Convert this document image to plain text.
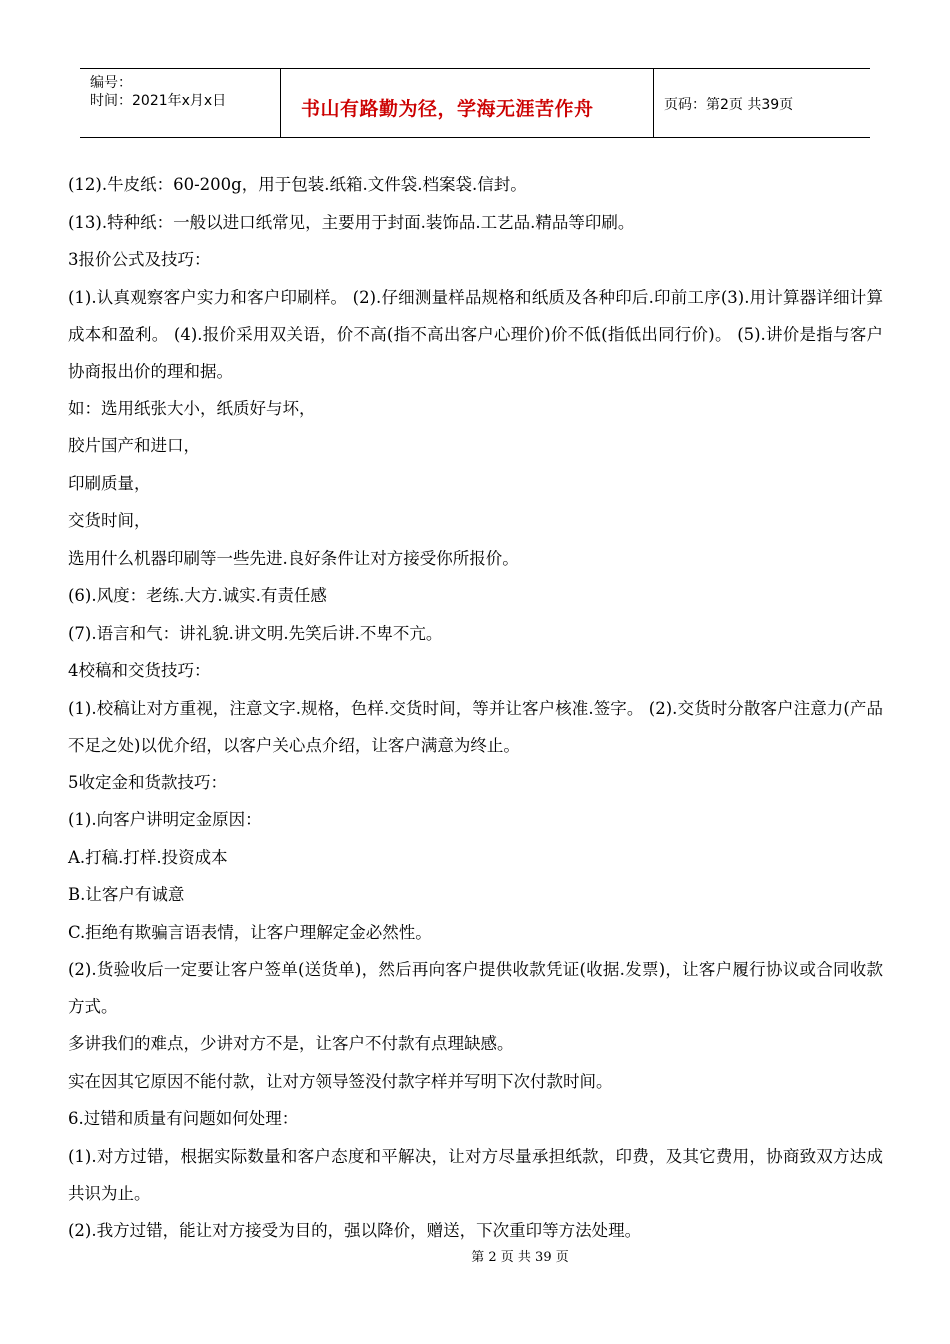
编号：
时间：2021年x月x日	书山有路勤为径，学海无涯苦作舟	页码：第2页 共39页

(12).牛皮纸：60-200g，用于包装.纸箱.文件袋.档案袋.信封。

(13).特种纸：一般以进口纸常见，主要用于封面.装饰品.工艺品.精品等印刷。

3报价公式及技巧：

(1).认真观察客户实力和客户印刷样。 (2).仔细测量样品规格和纸质及各种印后.印前工序(3).用计算器详细计算成本和盈利。 (4).报价采用双关语，价不高(指不高出客户心理价)价不低(指低出同行价)。 (5).讲价是指与客户协商报出价的理和据。

如：选用纸张大小，纸质好与坏，

胶片国产和进口，

印刷质量，

交货时间，

选用什么机器印刷等一些先进.良好条件让对方接受你所报价。

(6).风度：老练.大方.诚实.有责任感

(7).语言和气：讲礼貌.讲文明.先笑后讲.不卑不亢。

4校稿和交货技巧：

(1).校稿让对方重视，注意文字.规格，色样.交货时间，等并让客户核准.签字。 (2).交货时分散客户注意力(产品不足之处)以优介绍，以客户关心点介绍，让客户满意为终止。

5收定金和货款技巧：

(1).向客户讲明定金原因：

A.打稿.打样.投资成本

B.让客户有诚意

C.拒绝有欺骗言语表情，让客户理解定金必然性。

(2).货验收后一定要让客户签单(送货单)，然后再向客户提供收款凭证(收据.发票)，让客户履行协议或合同收款方式。

多讲我们的难点，少讲对方不是，让客户不付款有点理缺感。

实在因其它原因不能付款，让对方领导签没付款字样并写明下次付款时间。

6.过错和质量有问题如何处理：

(1).对方过错，根据实际数量和客户态度和平解决，让对方尽量承担纸款，印费，及其它费用，协商致双方达成共识为止。

(2).我方过错，能让对方接受为目的，强以降价，赠送，下次重印等方法处理。

第 2 页 共 39 页
